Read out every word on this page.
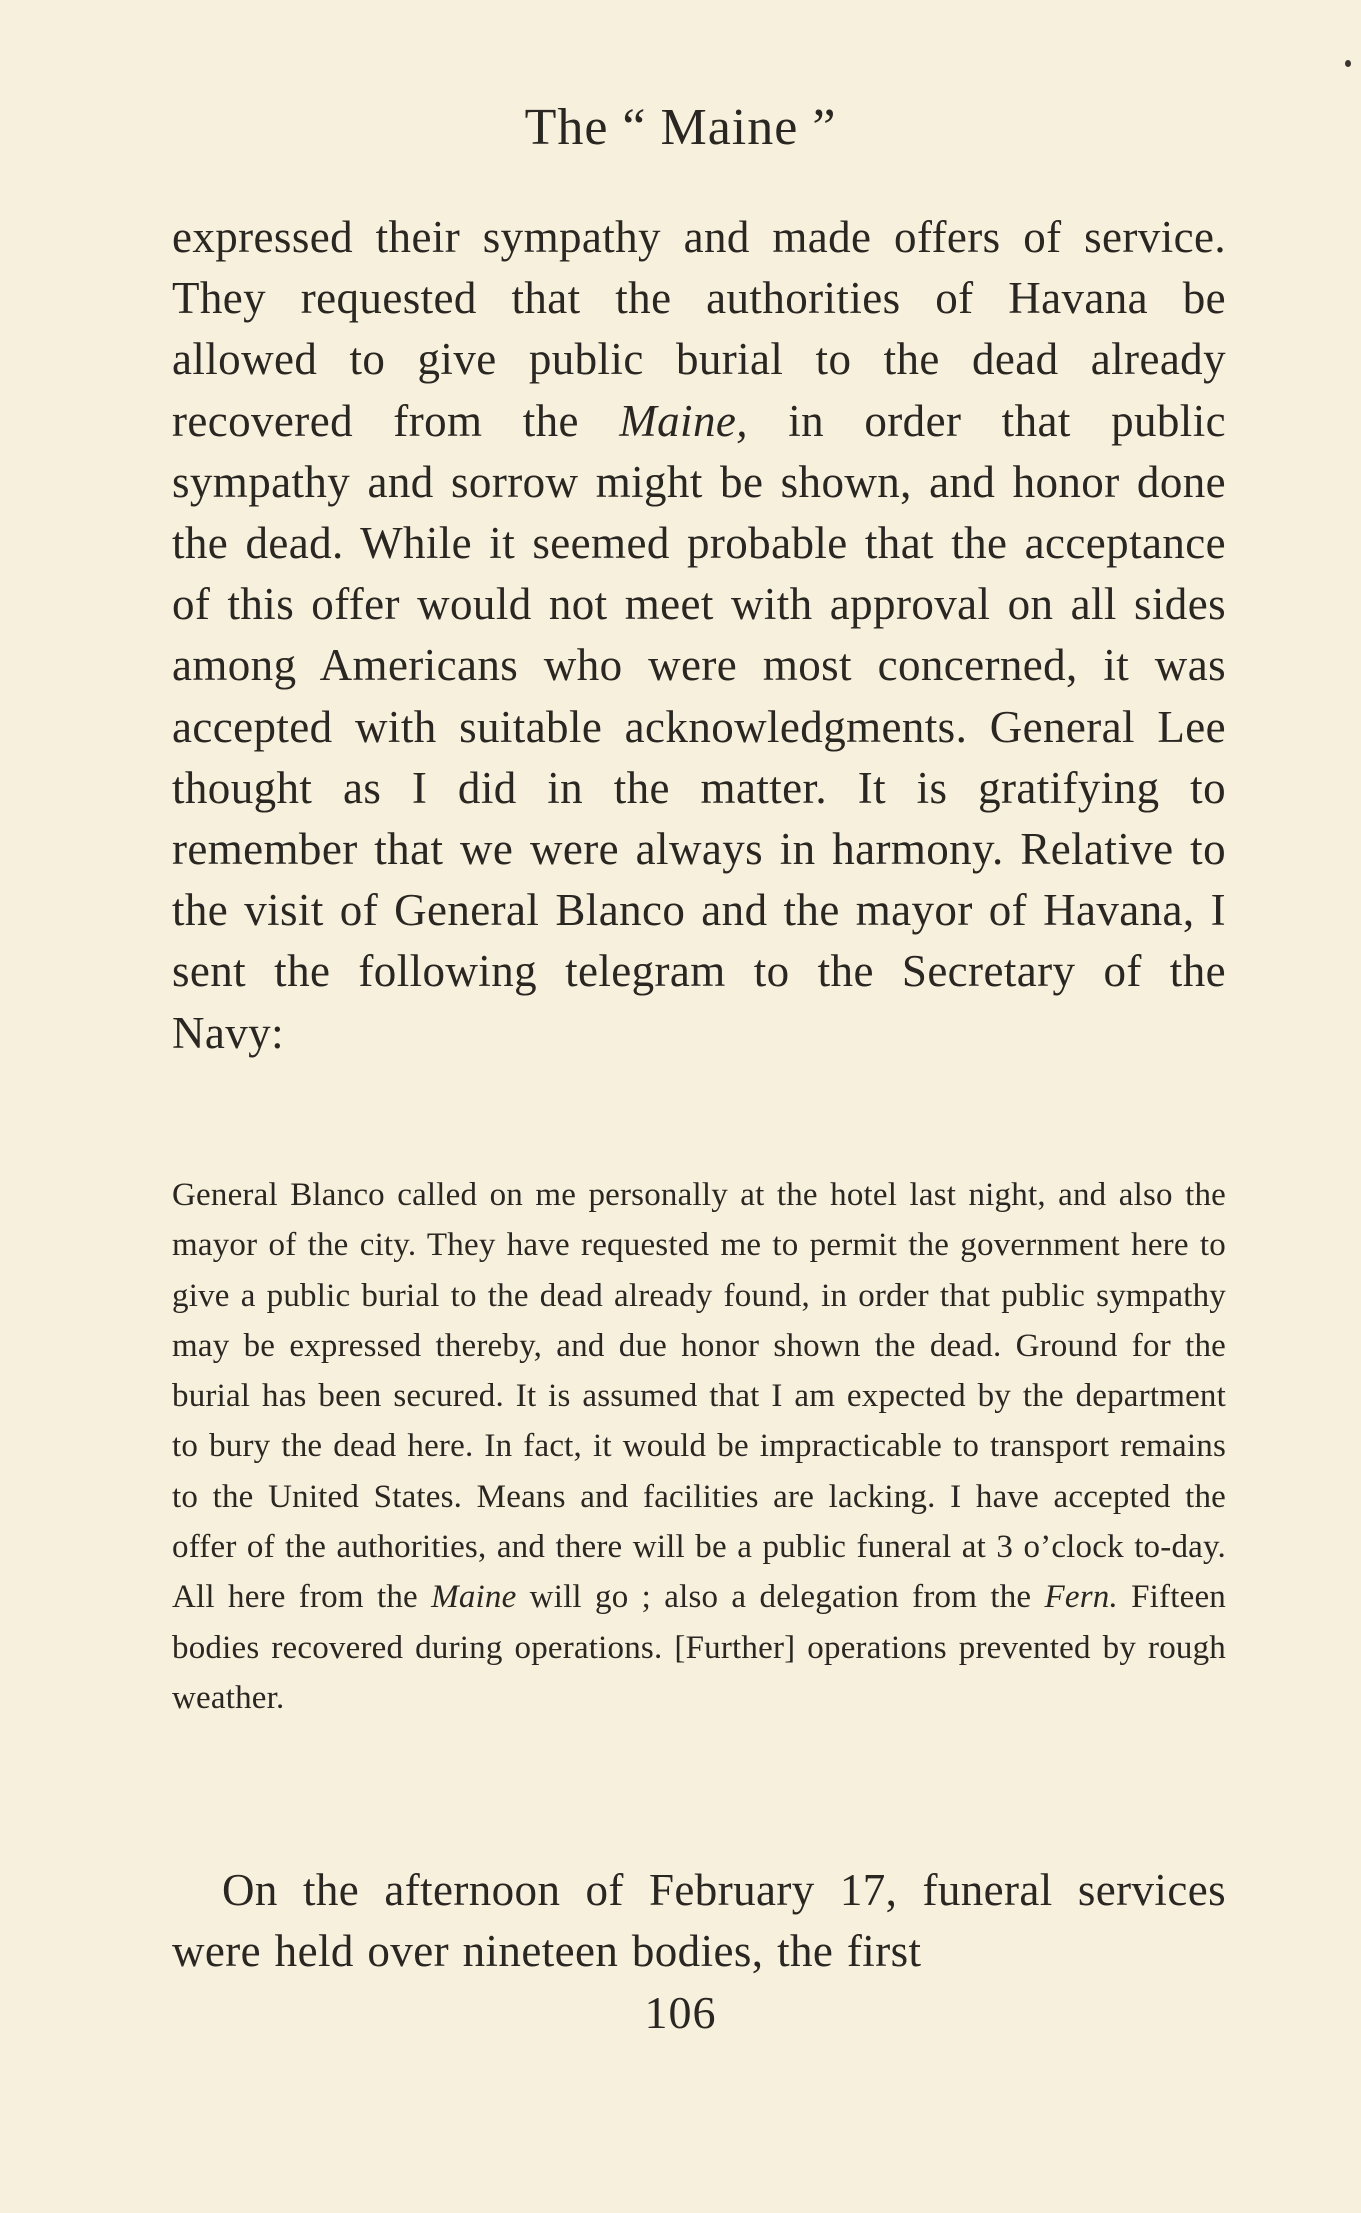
The “ Maine ”
expressed their sympathy and made offers of service. They requested that the authorities of Havana be allowed to give public burial to the dead already recovered from the Maine, in order that public sympathy and sorrow might be shown, and honor done the dead. While it seemed probable that the acceptance of this offer would not meet with approval on all sides among Americans who were most concerned, it was accepted with suitable acknowledgments. General Lee thought as I did in the matter. It is gratifying to remember that we were always in harmony. Relative to the visit of General Blanco and the mayor of Havana, I sent the following telegram to the Secretary of the Navy:
General Blanco called on me personally at the hotel last night, and also the mayor of the city. They have requested me to permit the government here to give a public burial to the dead already found, in order that public sympathy may be expressed thereby, and due honor shown the dead. Ground for the burial has been secured. It is assumed that I am expected by the department to bury the dead here. In fact, it would be impracticable to transport remains to the United States. Means and facilities are lacking. I have accepted the offer of the authorities, and there will be a public funeral at 3 o’clock to-day. All here from the Maine will go ; also a delegation from the Fern. Fifteen bodies recovered during operations. [Further] operations prevented by rough weather.
On the afternoon of February 17, funeral services were held over nineteen bodies, the first
106
